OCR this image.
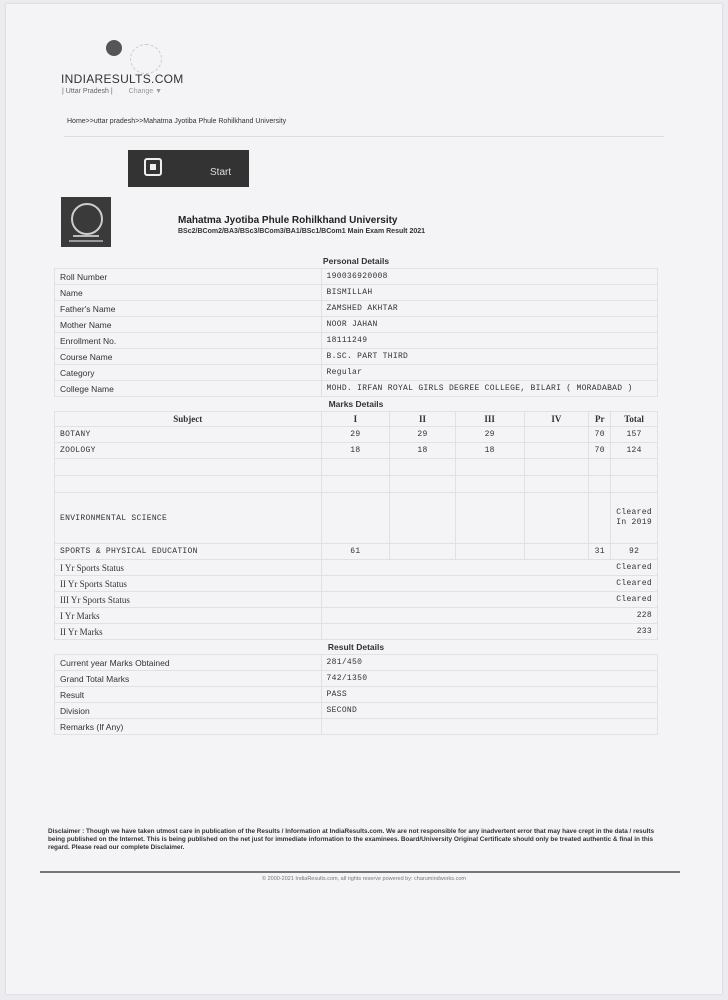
INDIARESULTS.COM
| Uttar Pradesh | Change ▼
Home>>uttar pradesh>>Mahatma Jyotiba Phule Rohilkhand University
Start
Mahatma Jyotiba Phule Rohilkhand University
BSc2/BCom2/BA3/BSc3/BCom3/BA1/BSc1/BCom1 Main Exam Result 2021
Personal Details						
Roll Number	190036920008					
Name	BISMILLAH					
Father's Name	ZAMSHED AKHTAR					
Mother Name	NOOR JAHAN					
Enrollment No.	18111249					
Course Name	B.SC. PART THIRD					
Category	Regular					
College Name	MOHD. IRFAN ROYAL GIRLS DEGREE COLLEGE, BILARI ( MORADABAD )					
Marks Details						
Subject	I	II	III	IV	Pr	Total
BOTANY	29	29	29		70	157
ZOOLOGY	18	18	18		70	124

ENVIRONMENTAL SCIENCE						Cleared In 2019
SPORTS & PHYSICAL EDUCATION	61				31	92
I Yr Sports Status	Cleared					
II Yr Sports Status	Cleared					
III Yr Sports Status	Cleared					
I Yr Marks	228					
II Yr Marks	233					
Result Details						
Current year Marks Obtained	281/450					
Grand Total Marks	742/1350					
Result	PASS					
Division	SECOND					
Remarks (If Any)						
Disclaimer : Though we have taken utmost care in publication of the Results / Information at IndiaResults.com. We are not responsible for any inadvertent error that may have crept in the data / results being published on the Internet. This is being published on the net just for immediate information to the examinees. Board/University Original Certificate should only be treated authentic & final in this regard. Please read our complete Disclaimer.
© 2000-2021 IndiaResults.com, all rights reserve powered by: charumindworks.com
